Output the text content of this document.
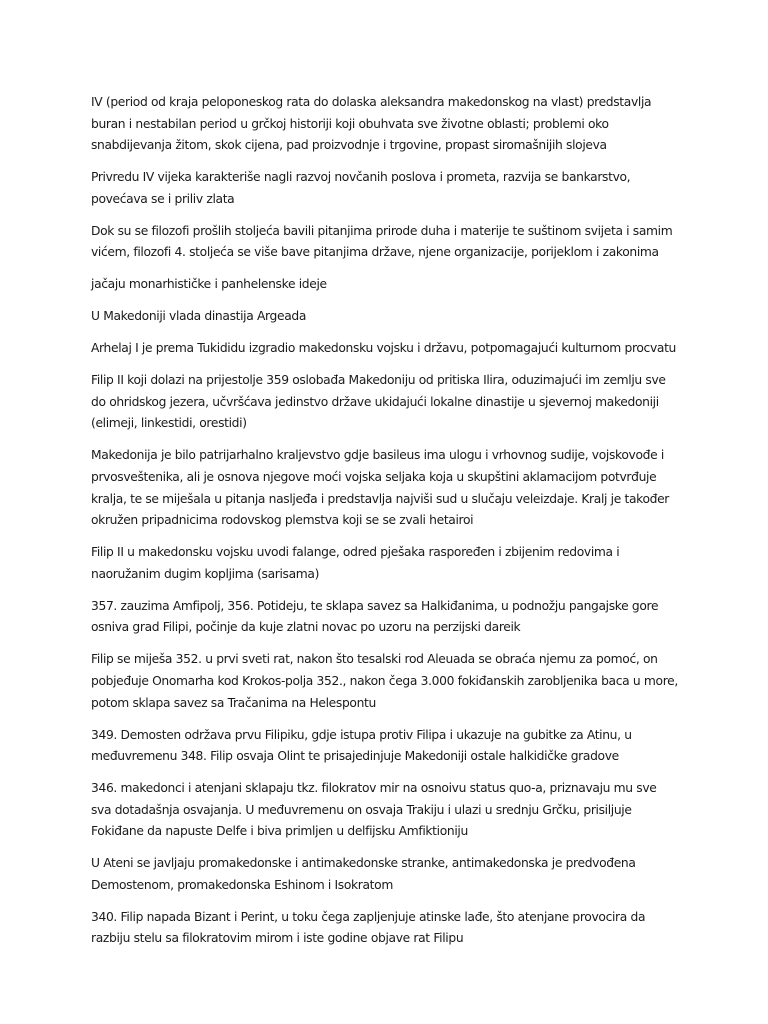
IV (period od kraja peloponeskog rata do dolaska aleksandra makedonskog na vlast) predstavlja buran i nestabilan period u grčkoj historiji koji obuhvata sve životne oblasti; problemi oko snabdijevanja žitom, skok cijena, pad proizvodnje i trgovine, propast siromašnijih slojeva

Privredu IV vijeka karakteriše nagli razvoj novčanih poslova i prometa, razvija se bankarstvo, povećava se i priliv zlata

Dok su se filozofi prošlih stoljeća bavili pitanjima prirode duha i materije te suštinom svijeta i samim vićem, filozofi 4. stoljeća se više bave pitanjima države, njene organizacije, porijeklom i zakonima

jačaju monarhističke i panhelenske ideje

U Makedoniji vlada dinastija Argeada

Arhelaj I je prema Tukididu izgradio makedonsku vojsku i državu, potpomagajući kulturnom procvatu

Filip II koji dolazi na prijestolje 359 oslobađa Makedoniju od pritiska Ilira, oduzimajući im zemlju sve do ohridskog jezera, učvršćava jedinstvo države ukidajući lokalne dinastije u sjevernoj makedoniji (elimeji, linkestidi, orestidi)

Makedonija je bilo patrijarhalno kraljevstvo gdje basileus ima ulogu i vrhovnog sudije, vojskovođe i prvosveštenika, ali je osnova njegove moći vojska seljaka koja u skupštini aklamacijom potvrđuje kralja, te se miješala u pitanja nasljeđa i predstavlja najviši sud u slučaju veleizdaje. Kralj je također okružen pripadnicima rodovskog plemstva koji se se zvali hetairoi

Filip II u makedonsku vojsku uvodi falange, odred pješaka raspoređen i zbijenim redovima i naoružanim dugim kopljima (sarisama)

357. zauzima Amfipolj, 356. Potideju, te sklapa savez sa Halkiđanima, u podnožju pangajske gore osniva grad Filipi, počinje da kuje zlatni novac po uzoru na perzijski dareik

Filip se miješa 352. u prvi sveti rat, nakon što tesalski rod Aleuada se obraća njemu za pomoć, on pobjeđuje Onomarha kod Krokos-polja 352., nakon čega 3.000 fokiđanskih zarobljenika baca u more, potom sklapa savez sa Tračanima na Helespontu

349. Demosten održava prvu Filipiku, gdje istupa protiv Filipa i ukazuje na gubitke za Atinu, u međuvremenu 348. Filip osvaja Olint te prisajedinjuje Makedoniji ostale halkidičke gradove

346. makedonci i atenjani sklapaju tkz. filokratov mir na osnoivu status quo-a, priznavaju mu sve sva dotadašnja osvajanja. U međuvremenu on osvaja Trakiju i ulazi u srednju Grčku, prisiljuje Fokiđane da napuste Delfe i biva primljen u delfijsku Amfiktioniju

U Ateni se javljaju promakedonske i antimakedonske stranke, antimakedonska je predvođena Demostenom, promakedonska Eshinom i Isokratom

340. Filip napada Bizant i Perint, u toku čega zapljenjuje atinske lađe, što atenjane provocira da razbiju stelu sa filokratovim mirom i iste godine objave rat Filipu
